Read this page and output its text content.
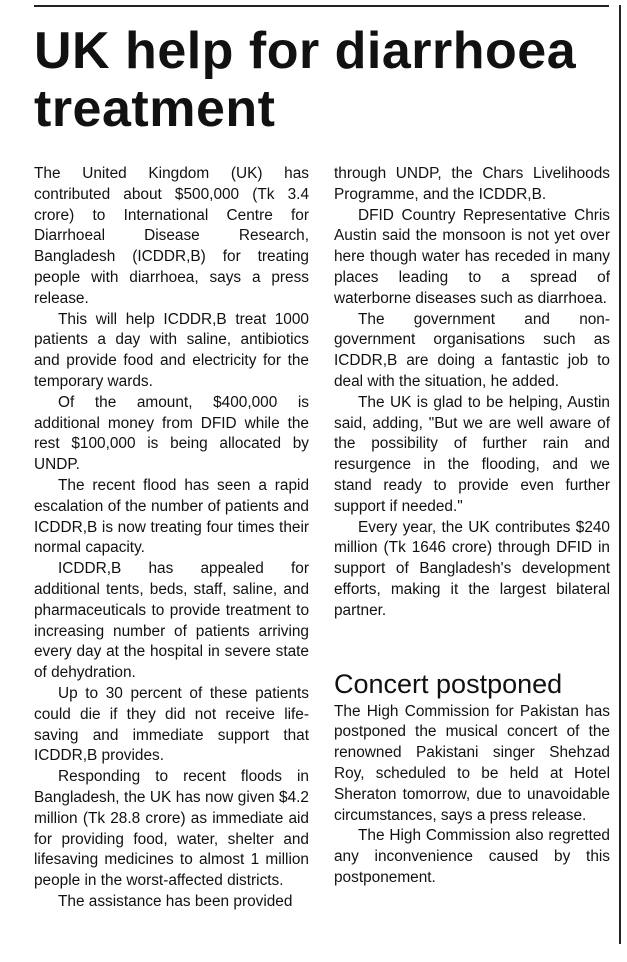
UK help for diarrhoea treatment

The United Kingdom (UK) has contributed about $500,000 (Tk 3.4 crore) to International Centre for Diarrhoeal Disease Research, Bangladesh (ICDDR,B) for treating people with diarrhoea, says a press release.

This will help ICDDR,B treat 1000 patients a day with saline, antibiotics and provide food and electricity for the temporary wards.

Of the amount, $400,000 is additional money from DFID while the rest $100,000 is being allocated by UNDP.

The recent flood has seen a rapid escalation of the number of patients and ICDDR,B is now treating four times their normal capacity.

ICDDR,B has appealed for additional tents, beds, staff, saline, and pharmaceuticals to provide treatment to increasing number of patients arriving every day at the hospital in severe state of dehydration.

Up to 30 percent of these patients could die if they did not receive life-saving and immediate support that ICDDR,B provides.

Responding to recent floods in Bangladesh, the UK has now given $4.2 million (Tk 28.8 crore) as immediate aid for providing food, water, shelter and lifesaving medicines to almost 1 million people in the worst-affected districts.

The assistance has been provided

through UNDP, the Chars Livelihoods Programme, and the ICDDR,B.

DFID Country Representative Chris Austin said the monsoon is not yet over here though water has receded in many places leading to a spread of waterborne diseases such as diarrhoea.

The government and non-government organisations such as ICDDR,B are doing a fantastic job to deal with the situation, he added.

The UK is glad to be helping, Austin said, adding, "But we are well aware of the possibility of further rain and resurgence in the flooding, and we stand ready to provide even further support if needed."

Every year, the UK contributes $240 million (Tk 1646 crore) through DFID in support of Bangladesh's development efforts, making it the largest bilateral partner.

Concert postponed

The High Commission for Pakistan has postponed the musical concert of the renowned Pakistani singer Shehzad Roy, scheduled to be held at Hotel Sheraton tomorrow, due to unavoidable circumstances, says a press release.

The High Commission also regretted any inconvenience caused by this postponement.
